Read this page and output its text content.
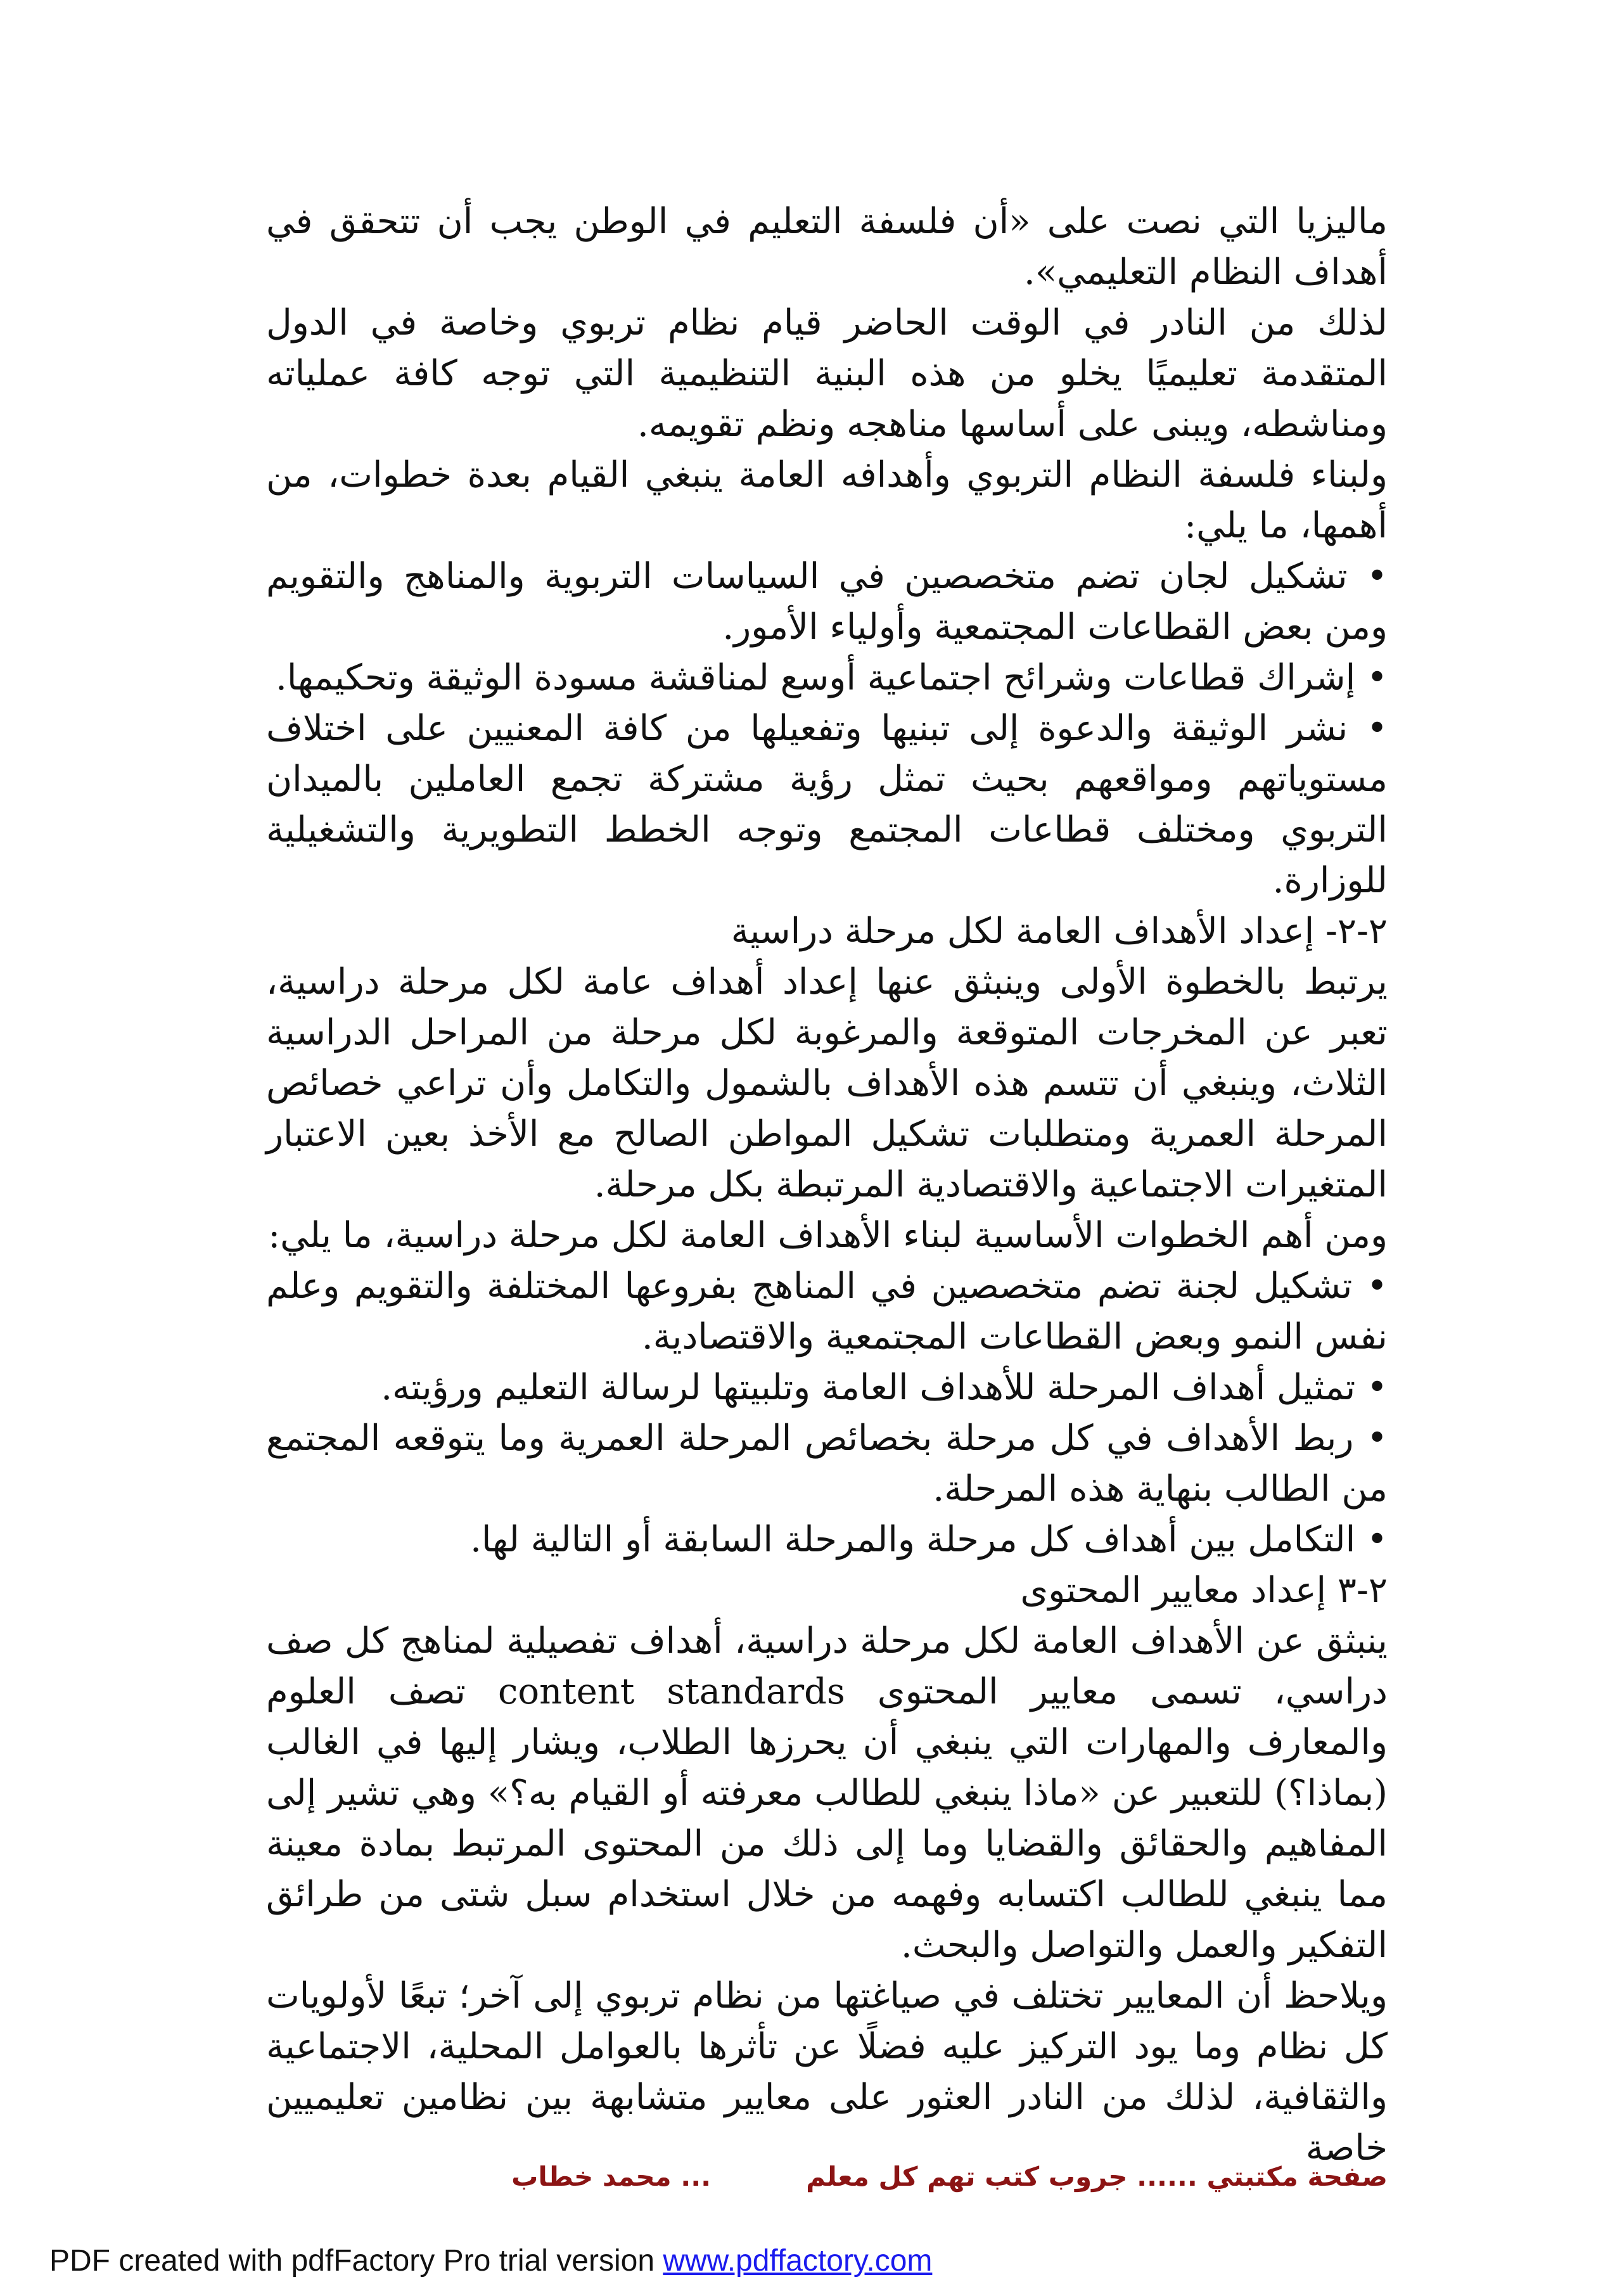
ماليزيا التي نصت على «أن فلسفة التعليم في الوطن يجب أن تتحقق في أهداف النظام التعليمي».

لذلك من النادر في الوقت الحاضر قيام نظام تربوي وخاصة في الدول المتقدمة تعليميًا يخلو من هذه البنية التنظيمية التي توجه كافة عملياته ومناشطه، ويبنى على أساسها مناهجه ونظم تقويمه.

ولبناء فلسفة النظام التربوي وأهدافه العامة ينبغي القيام بعدة خطوات، من أهمها، ما يلي:

• تشكيل لجان تضم متخصصين في السياسات التربوية والمناهج والتقويم ومن بعض القطاعات المجتمعية وأولياء الأمور.

• إشراك قطاعات وشرائح اجتماعية أوسع لمناقشة مسودة الوثيقة وتحكيمها.

• نشر الوثيقة والدعوة إلى تبنيها وتفعيلها من كافة المعنيين على اختلاف مستوياتهم ومواقعهم بحيث تمثل رؤية مشتركة تجمع العاملين بالميدان التربوي ومختلف قطاعات المجتمع وتوجه الخطط التطويرية والتشغيلية للوزارة.

٢-٢- إعداد الأهداف العامة لكل مرحلة دراسية

يرتبط بالخطوة الأولى وينبثق عنها إعداد أهداف عامة لكل مرحلة دراسية، تعبر عن المخرجات المتوقعة والمرغوبة لكل مرحلة من المراحل الدراسية الثلاث، وينبغي أن تتسم هذه الأهداف بالشمول والتكامل وأن تراعي خصائص المرحلة العمرية ومتطلبات تشكيل المواطن الصالح مع الأخذ بعين الاعتبار المتغيرات الاجتماعية والاقتصادية المرتبطة بكل مرحلة.

ومن أهم الخطوات الأساسية لبناء الأهداف العامة لكل مرحلة دراسية، ما يلي:

• تشكيل لجنة تضم متخصصين في المناهج بفروعها المختلفة والتقويم وعلم نفس النمو وبعض القطاعات المجتمعية والاقتصادية.

• تمثيل أهداف المرحلة للأهداف العامة وتلبيتها لرسالة التعليم ورؤيته.

• ربط الأهداف في كل مرحلة بخصائص المرحلة العمرية وما يتوقعه المجتمع من الطالب بنهاية هذه المرحلة.

• التكامل بين أهداف كل مرحلة والمرحلة السابقة أو التالية لها.

٢-٣ إعداد معايير المحتوى

ينبثق عن الأهداف العامة لكل مرحلة دراسية، أهداف تفصيلية لمناهج كل صف دراسي، تسمى معايير المحتوى content standards تصف العلوم والمعارف والمهارات التي ينبغي أن يحرزها الطلاب، ويشار إليها في الغالب (بماذا؟) للتعبير عن «ماذا ينبغي للطالب معرفته أو القيام به؟» وهي تشير إلى المفاهيم والحقائق والقضايا وما إلى ذلك من المحتوى المرتبط بمادة معينة مما ينبغي للطالب اكتسابه وفهمه من خلال استخدام سبل شتى من طرائق التفكير والعمل والتواصل والبحث.

ويلاحظ أن المعايير تختلف في صياغتها من نظام تربوي إلى آخر؛ تبعًا لأولويات كل نظام وما يود التركيز عليه فضلًا عن تأثرها بالعوامل المحلية، الاجتماعية والثقافية، لذلك من النادر العثور على معايير متشابهة بين نظامين تعليميين خاصة

صفحة مكتبتي ...... جروب كتب تهم كل معلم
... محمد خطاب
PDF created with pdfFactory Pro trial version www.pdffactory.com
